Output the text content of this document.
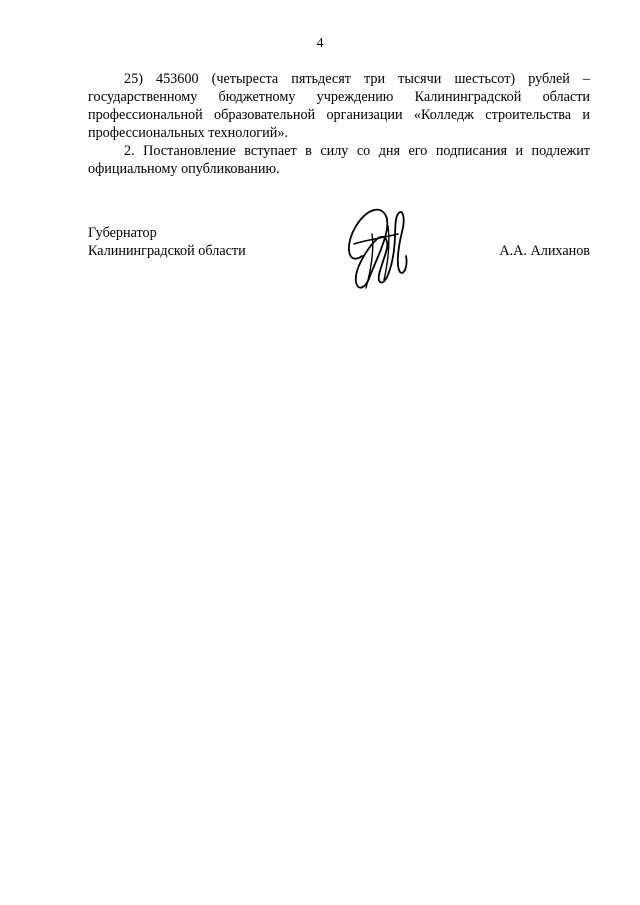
4
25) 453600 (четыреста пятьдесят три тысячи шестьсот) рублей – государственному бюджетному учреждению Калининградской области профессиональной образовательной организации «Колледж строительства и профессиональных технологий».
2. Постановление вступает в силу со дня его подписания и подлежит официальному опубликованию.
Губернатор
Калининградской области	А.А. Алиханов
